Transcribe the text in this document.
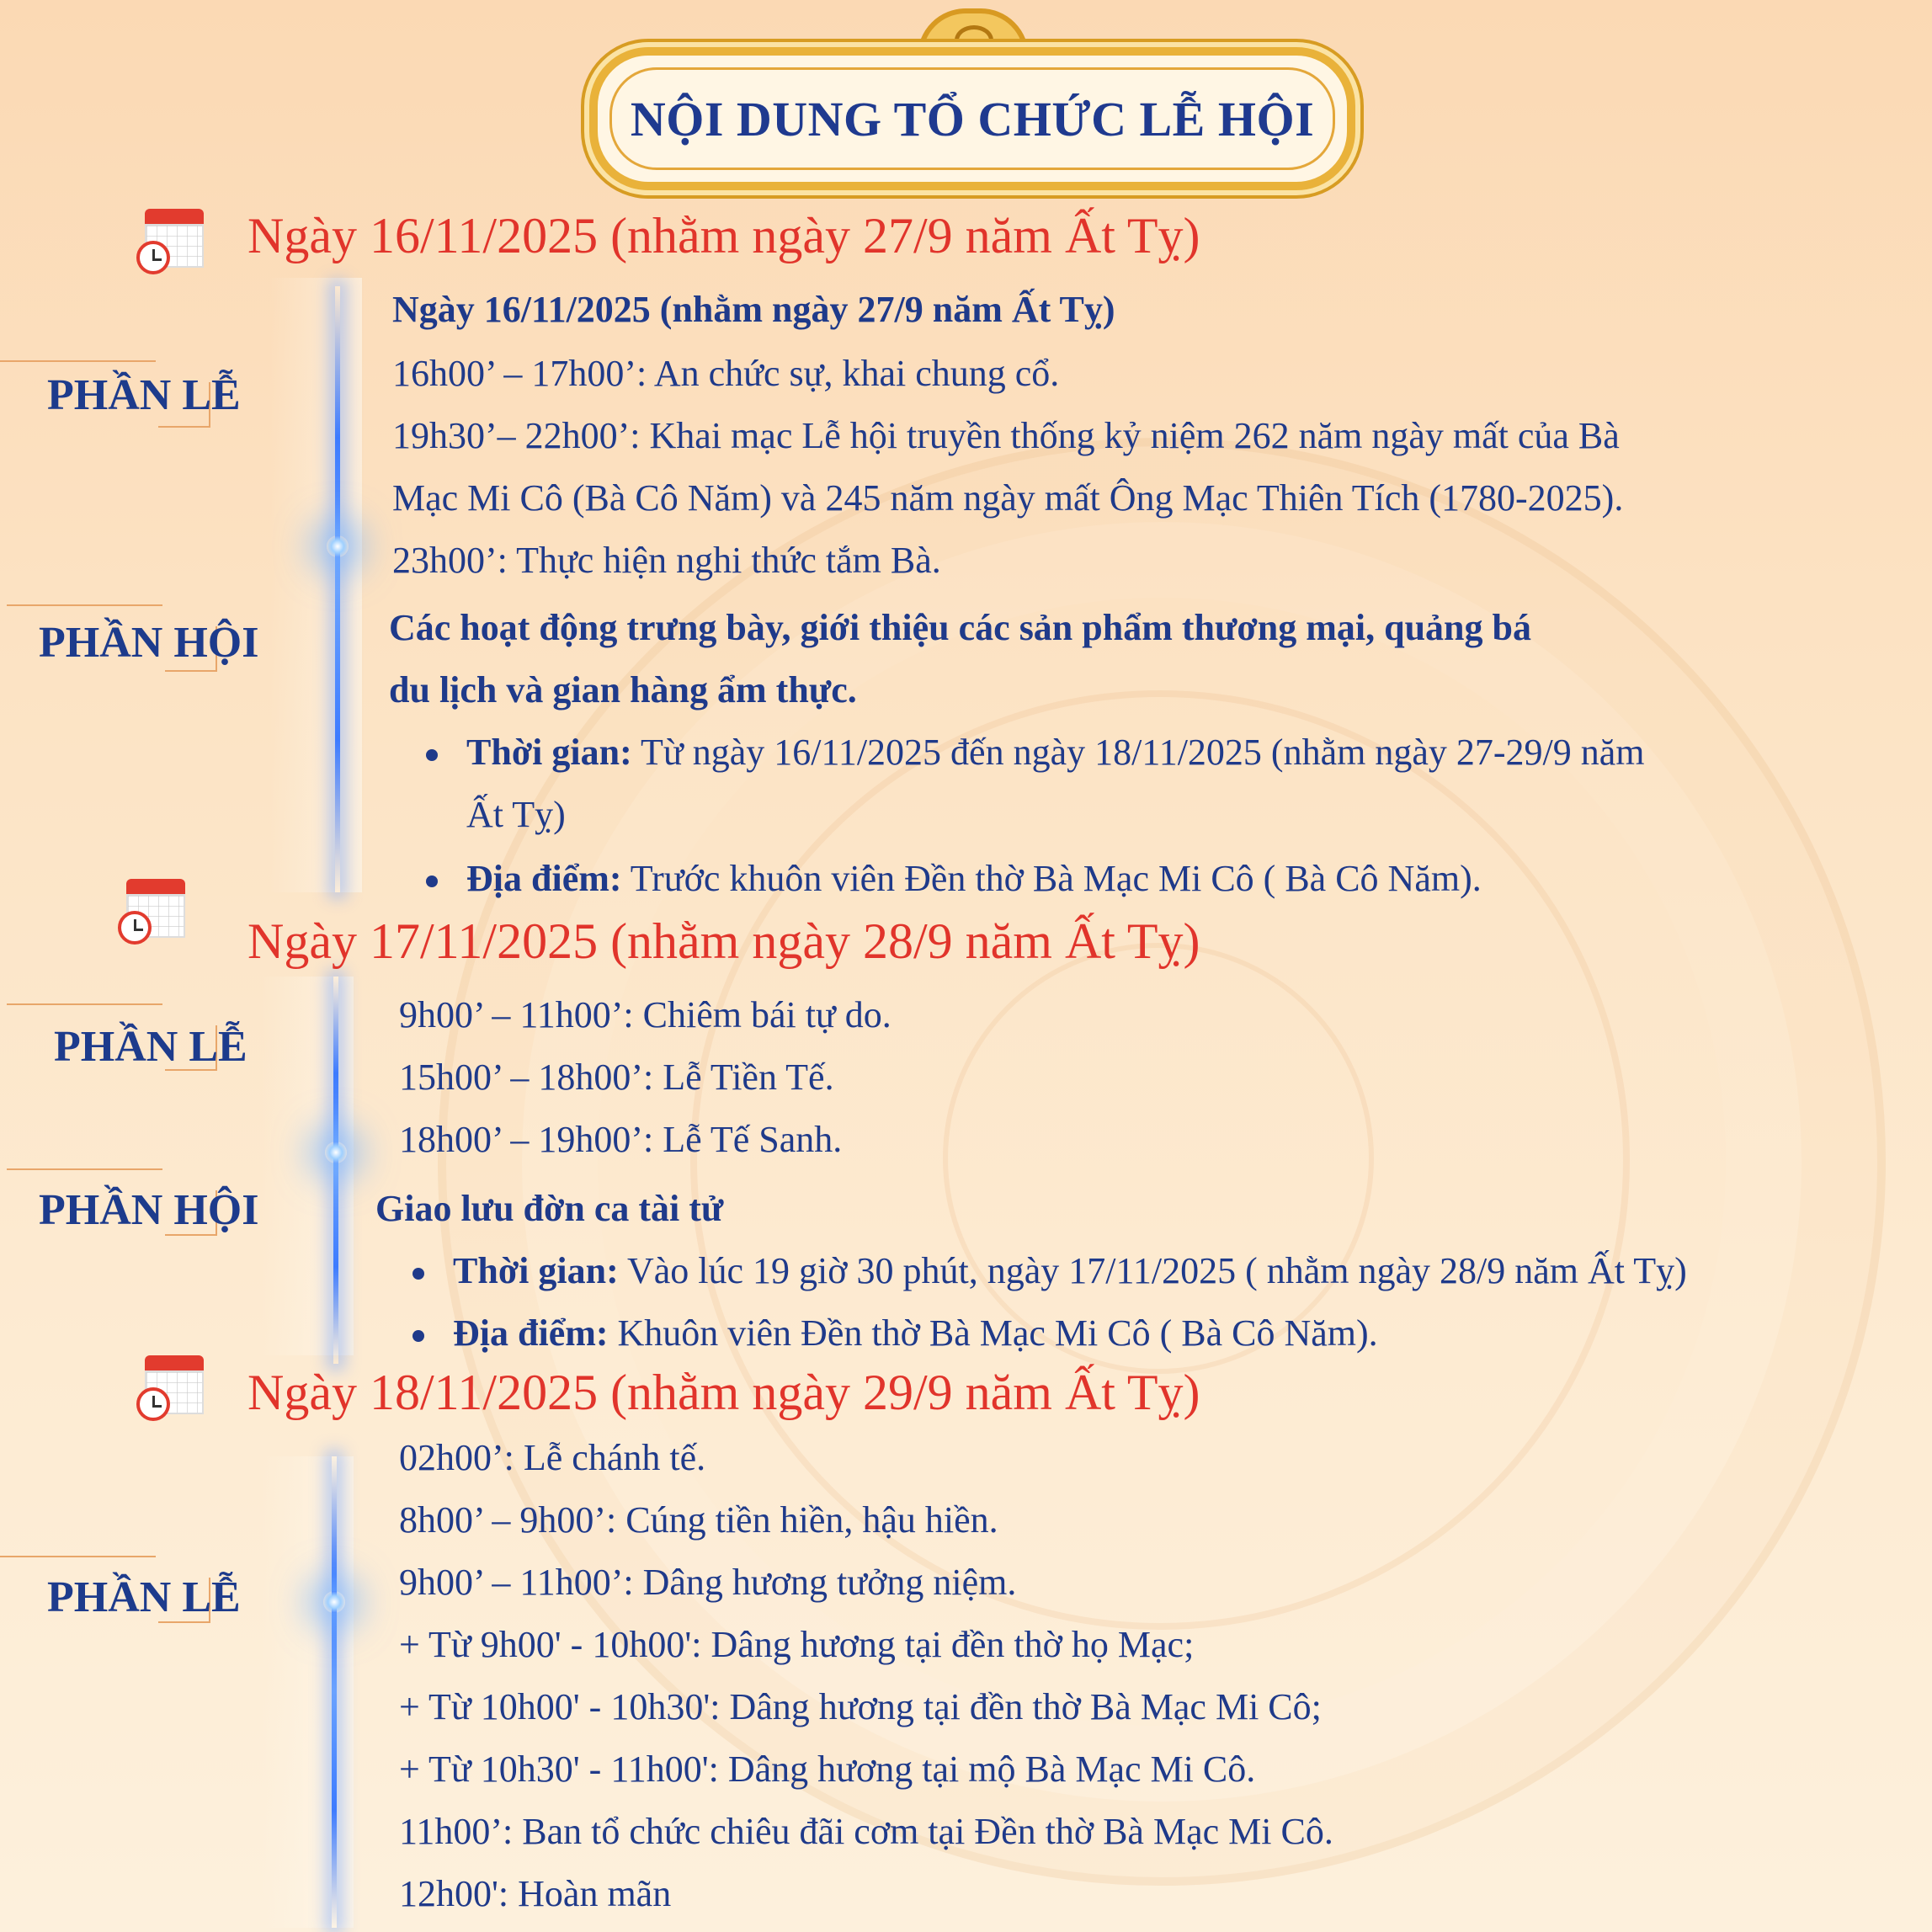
NỘI DUNG TỔ CHỨC LỄ HỘI
Ngày 16/11/2025 (nhằm ngày 27/9 năm Ất Tỵ)
PHẦN LỄ
Ngày 16/11/2025 (nhằm ngày 27/9 năm Ất Tỵ)
16h00’ – 17h00’: An chức sự, khai chung cổ.
19h30’– 22h00’: Khai mạc Lễ hội truyền thống kỷ niệm 262 năm ngày mất của Bà
Mạc Mi Cô (Bà Cô Năm) và 245 năm ngày mất Ông Mạc Thiên Tích (1780-2025).
23h00’: Thực hiện nghi thức tắm Bà.
PHẦN HỘI	Các hoạt động trưng bày, giới thiệu các sản phẩm thương mại, quảng bá
du lịch và gian hàng ẩm thực.
Thời gian: Từ ngày 16/11/2025 đến ngày 18/11/2025 (nhằm ngày 27-29/9 năm
Ất Tỵ)
Địa điểm: Trước khuôn viên Đền thờ Bà Mạc Mi Cô ( Bà Cô Năm).
Ngày 17/11/2025 (nhằm ngày 28/9 năm Ất Tỵ)
PHẦN LỄ
9h00’ – 11h00’: Chiêm bái tự do.
15h00’ – 18h00’: Lễ Tiền Tế.
18h00’ – 19h00’: Lễ Tế Sanh.
PHẦN HỘI	Giao lưu đờn ca tài tử
Thời gian: Vào lúc 19 giờ 30 phút, ngày 17/11/2025 ( nhằm ngày 28/9 năm Ất Tỵ)
Địa điểm: Khuôn viên Đền thờ Bà Mạc Mi Cô ( Bà Cô Năm).
Ngày 18/11/2025 (nhằm ngày 29/9 năm Ất Tỵ)
PHẦN LỄ
02h00’: Lễ chánh tế.
8h00’ – 9h00’: Cúng tiền hiền, hậu hiền.
9h00’ – 11h00’: Dâng hương tưởng niệm.
+ Từ 9h00' - 10h00': Dâng hương tại đền thờ họ Mạc;
+ Từ 10h00' - 10h30': Dâng hương tại đền thờ Bà Mạc Mi Cô;
+ Từ 10h30' - 11h00': Dâng hương tại mộ Bà Mạc Mi Cô.
11h00’: Ban tổ chức chiêu đãi cơm tại Đền thờ Bà Mạc Mi Cô.
12h00': Hoàn mãn
